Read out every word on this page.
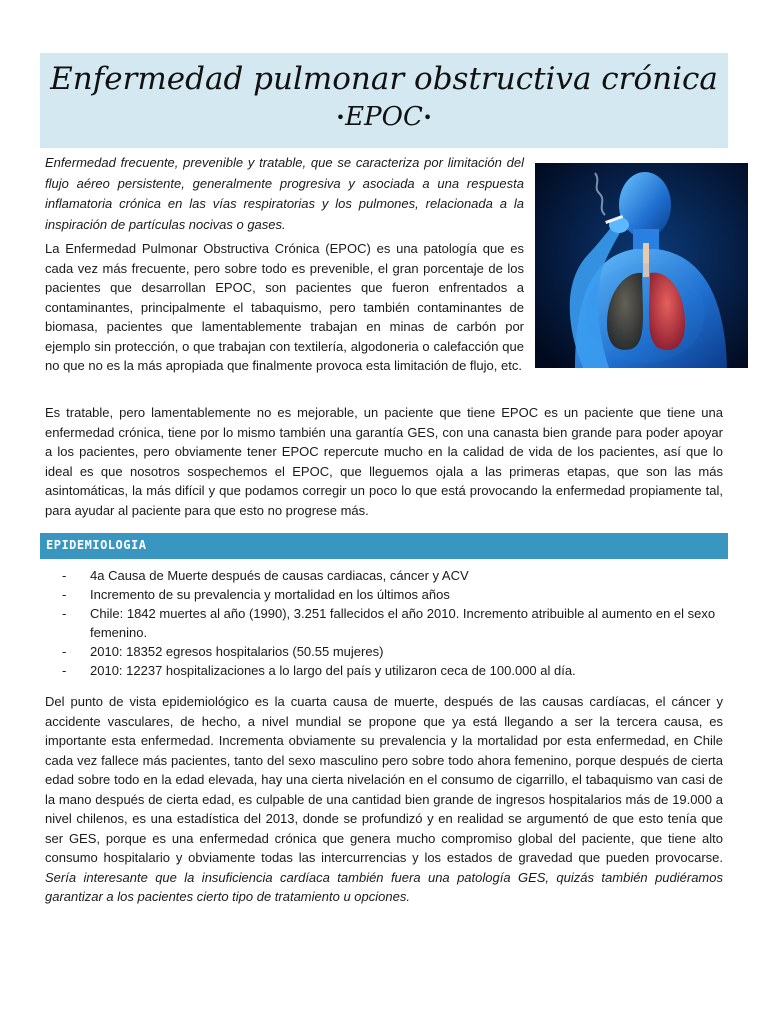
Enfermedad pulmonar obstructiva crónica
•EPOC•

Enfermedad frecuente, prevenible y tratable, que se caracteriza por limitación del flujo aéreo persistente, generalmente progresiva y asociada a una respuesta inflamatoria crónica en las vías respiratorias y los pulmones, relacionada a la inspiración de partículas nocivas o gases.

La Enfermedad Pulmonar Obstructiva Crónica (EPOC) es una patología que es cada vez más frecuente, pero sobre todo es prevenible, el gran porcentaje de los pacientes que desarrollan EPOC, son pacientes que fueron enfrentados a contaminantes, principalmente el tabaquismo, pero también contaminantes de biomasa, pacientes que lamentablemente trabajan en minas de carbón por ejemplo sin protección, o que trabajan con textilería, algodoneria o calefacción que no que no es la más apropiada que finalmente provoca esta limitación de flujo, etc.

Es tratable, pero lamentablemente no es mejorable, un paciente que tiene EPOC es un paciente que tiene una enfermedad crónica, tiene por lo mismo también una garantía GES, con una canasta bien grande para poder apoyar a los pacientes, pero obviamente tener EPOC repercute mucho en la calidad de vida de los pacientes, así que lo ideal es que nosotros sospechemos el EPOC, que lleguemos ojala a las primeras etapas, que son las más asintomáticas, la más difícil y que podamos corregir un poco lo que está provocando la enfermedad propiamente tal, para ayudar al paciente para que esto no progrese más.

EPIDEMIOLOGIA
- 4a Causa de Muerte después de causas cardiacas, cáncer y ACV
- Incremento de su prevalencia y mortalidad en los últimos años
- Chile: 1842 muertes al año (1990), 3.251 fallecidos el año 2010. Incremento atribuible al aumento en el sexo femenino.
- 2010: 18352 egresos hospitalarios (50.55 mujeres)
- 2010: 12237 hospitalizaciones a lo largo del país y utilizaron ceca de 100.000 al día.

Del punto de vista epidemiológico es la cuarta causa de muerte, después de las causas cardíacas, el cáncer y accidente vasculares, de hecho, a nivel mundial se propone que ya está llegando a ser la tercera causa, es importante esta enfermedad. Incrementa obviamente su prevalencia y la mortalidad por esta enfermedad, en Chile cada vez fallece más pacientes, tanto del sexo masculino pero sobre todo ahora femenino, porque después de cierta edad sobre todo en la edad elevada, hay una cierta nivelación en el consumo de cigarrillo, el tabaquismo van casi de la mano después de cierta edad, es culpable de una cantidad bien grande de ingresos hospitalarios más de 19.000 a nivel chilenos, es una estadística del 2013, donde se profundizó y en realidad se argumentó de que esto tenía que ser GES, porque es una enfermedad crónica que genera mucho compromiso global del paciente, que tiene alto consumo hospitalario y obviamente todas las intercurrencias y los estados de gravedad que pueden provocarse. Sería interesante que la insuficiencia cardíaca también fuera una patología GES, quizás también pudiéramos garantizar a los pacientes cierto tipo de tratamiento u opciones.
